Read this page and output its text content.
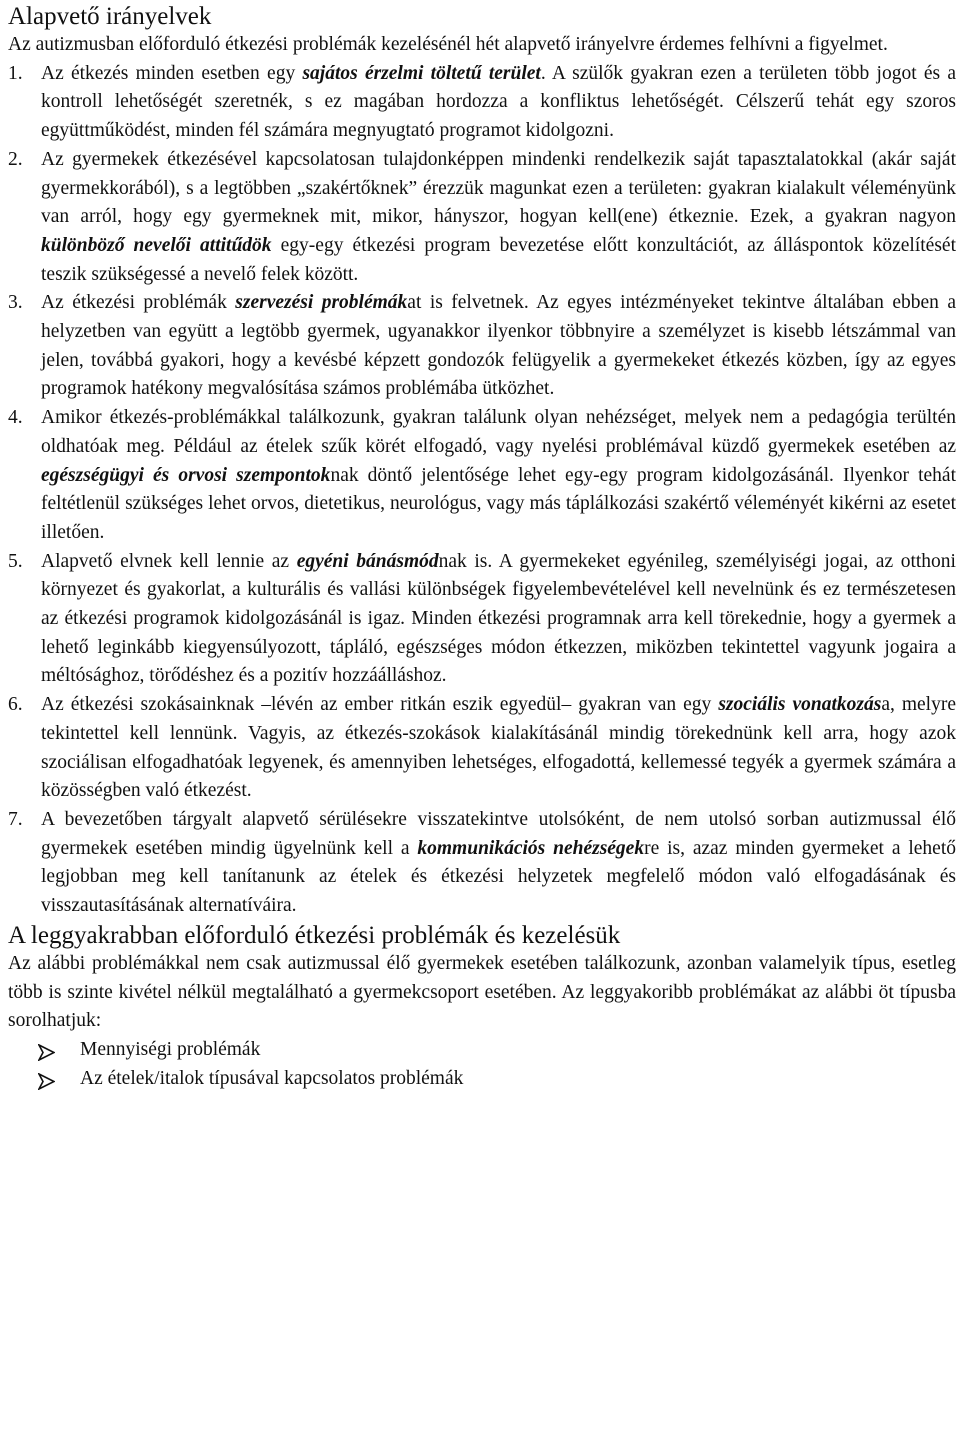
Alapvető irányelvek

Az autizmusban előforduló étkezési problémák kezelésénél hét alapvető irányelvre érdemes felhívni a figyelmet.

1. Az étkezés minden esetben egy sajátos érzelmi töltetű terület. A szülők gyakran ezen a területen több jogot és a kontroll lehetőségét szeretnék, s ez magában hordozza a konfliktus lehetőségét. Célszerű tehát egy szoros együttműködést, minden fél számára megnyugtató programot kidolgozni.
2. Az gyermekek étkezésével kapcsolatosan tulajdonképpen mindenki rendelkezik saját tapasztalatokkal (akár saját gyermekkorából), s a legtöbben „szakértőknek” érezzük magunkat ezen a területen: gyakran kialakult véleményünk van arról, hogy egy gyermeknek mit, mikor, hányszor, hogyan kell(ene) étkeznie. Ezek, a gyakran nagyon különböző nevelői attitűdök egy-egy étkezési program bevezetése előtt konzultációt, az álláspontok közelítését teszik szükségessé a nevelő felek között.
3. Az étkezési problémák szervezési problémákat is felvetnek. Az egyes intézményeket tekintve általában ebben a helyzetben van együtt a legtöbb gyermek, ugyanakkor ilyenkor többnyire a személyzet is kisebb létszámmal van jelen, továbbá gyakori, hogy a kevésbé képzett gondozók felügyelik a gyermekeket étkezés közben, így az egyes programok hatékony megvalósítása számos problémába ütközhet.
4. Amikor étkezés-problémákkal találkozunk, gyakran találunk olyan nehézséget, melyek nem a pedagógia terültén oldhatóak meg. Például az ételek szűk körét elfogadó, vagy nyelési problémával küzdő gyermekek esetében az egészségügyi és orvosi szempontoknak döntő jelentősége lehet egy-egy program kidolgozásánál. Ilyenkor tehát feltétlenül szükséges lehet orvos, dietetikus, neurológus, vagy más táplálkozási szakértő véleményét kikérni az esetet illetően.
5. Alapvető elvnek kell lennie az egyéni bánásmódnak is. A gyermekeket egyénileg, személyiségi jogai, az otthoni környezet és gyakorlat, a kulturális és vallási különbségek figyelembevételével kell nevelnünk és ez természetesen az étkezési programok kidolgozásánál is igaz. Minden étkezési programnak arra kell törekednie, hogy a gyermek a lehető leginkább kiegyensúlyozott, tápláló, egészséges módon étkezzen, miközben tekintettel vagyunk jogaira a méltósághoz, törődéshez és a pozitív hozzáálláshoz.
6. Az étkezési szokásainknak –lévén az ember ritkán eszik egyedül– gyakran van egy szociális vonatkozása, melyre tekintettel kell lennünk. Vagyis, az étkezés-szokások kialakításánál mindig törekednünk kell arra, hogy azok szociálisan elfogadhatóak legyenek, és amennyiben lehetséges, elfogadottá, kellemessé tegyék a gyermek számára a közösségben való étkezést.
7. A bevezetőben tárgyalt alapvető sérülésekre visszatekintve utolsóként, de nem utolsó sorban autizmussal élő gyermekek esetében mindig ügyelnünk kell a kommunikációs nehézségekre is, azaz minden gyermeket a lehető legjobban meg kell tanítanunk az ételek és étkezési helyzetek megfelelő módon való elfogadásának és visszautasításának alternatíváira.
A leggyakrabban előforduló étkezési problémák és kezelésük

Az alábbi problémákkal nem csak autizmussal élő gyermekek esetében találkozunk, azonban valamelyik típus, esetleg több is szinte kivétel nélkül megtalálható a gyermekcsoport esetében. Az leggyakoribb problémákat az alábbi öt típusba sorolhatjuk:

Mennyiségi problémák
Az ételek/italok típusával kapcsolatos problémák
